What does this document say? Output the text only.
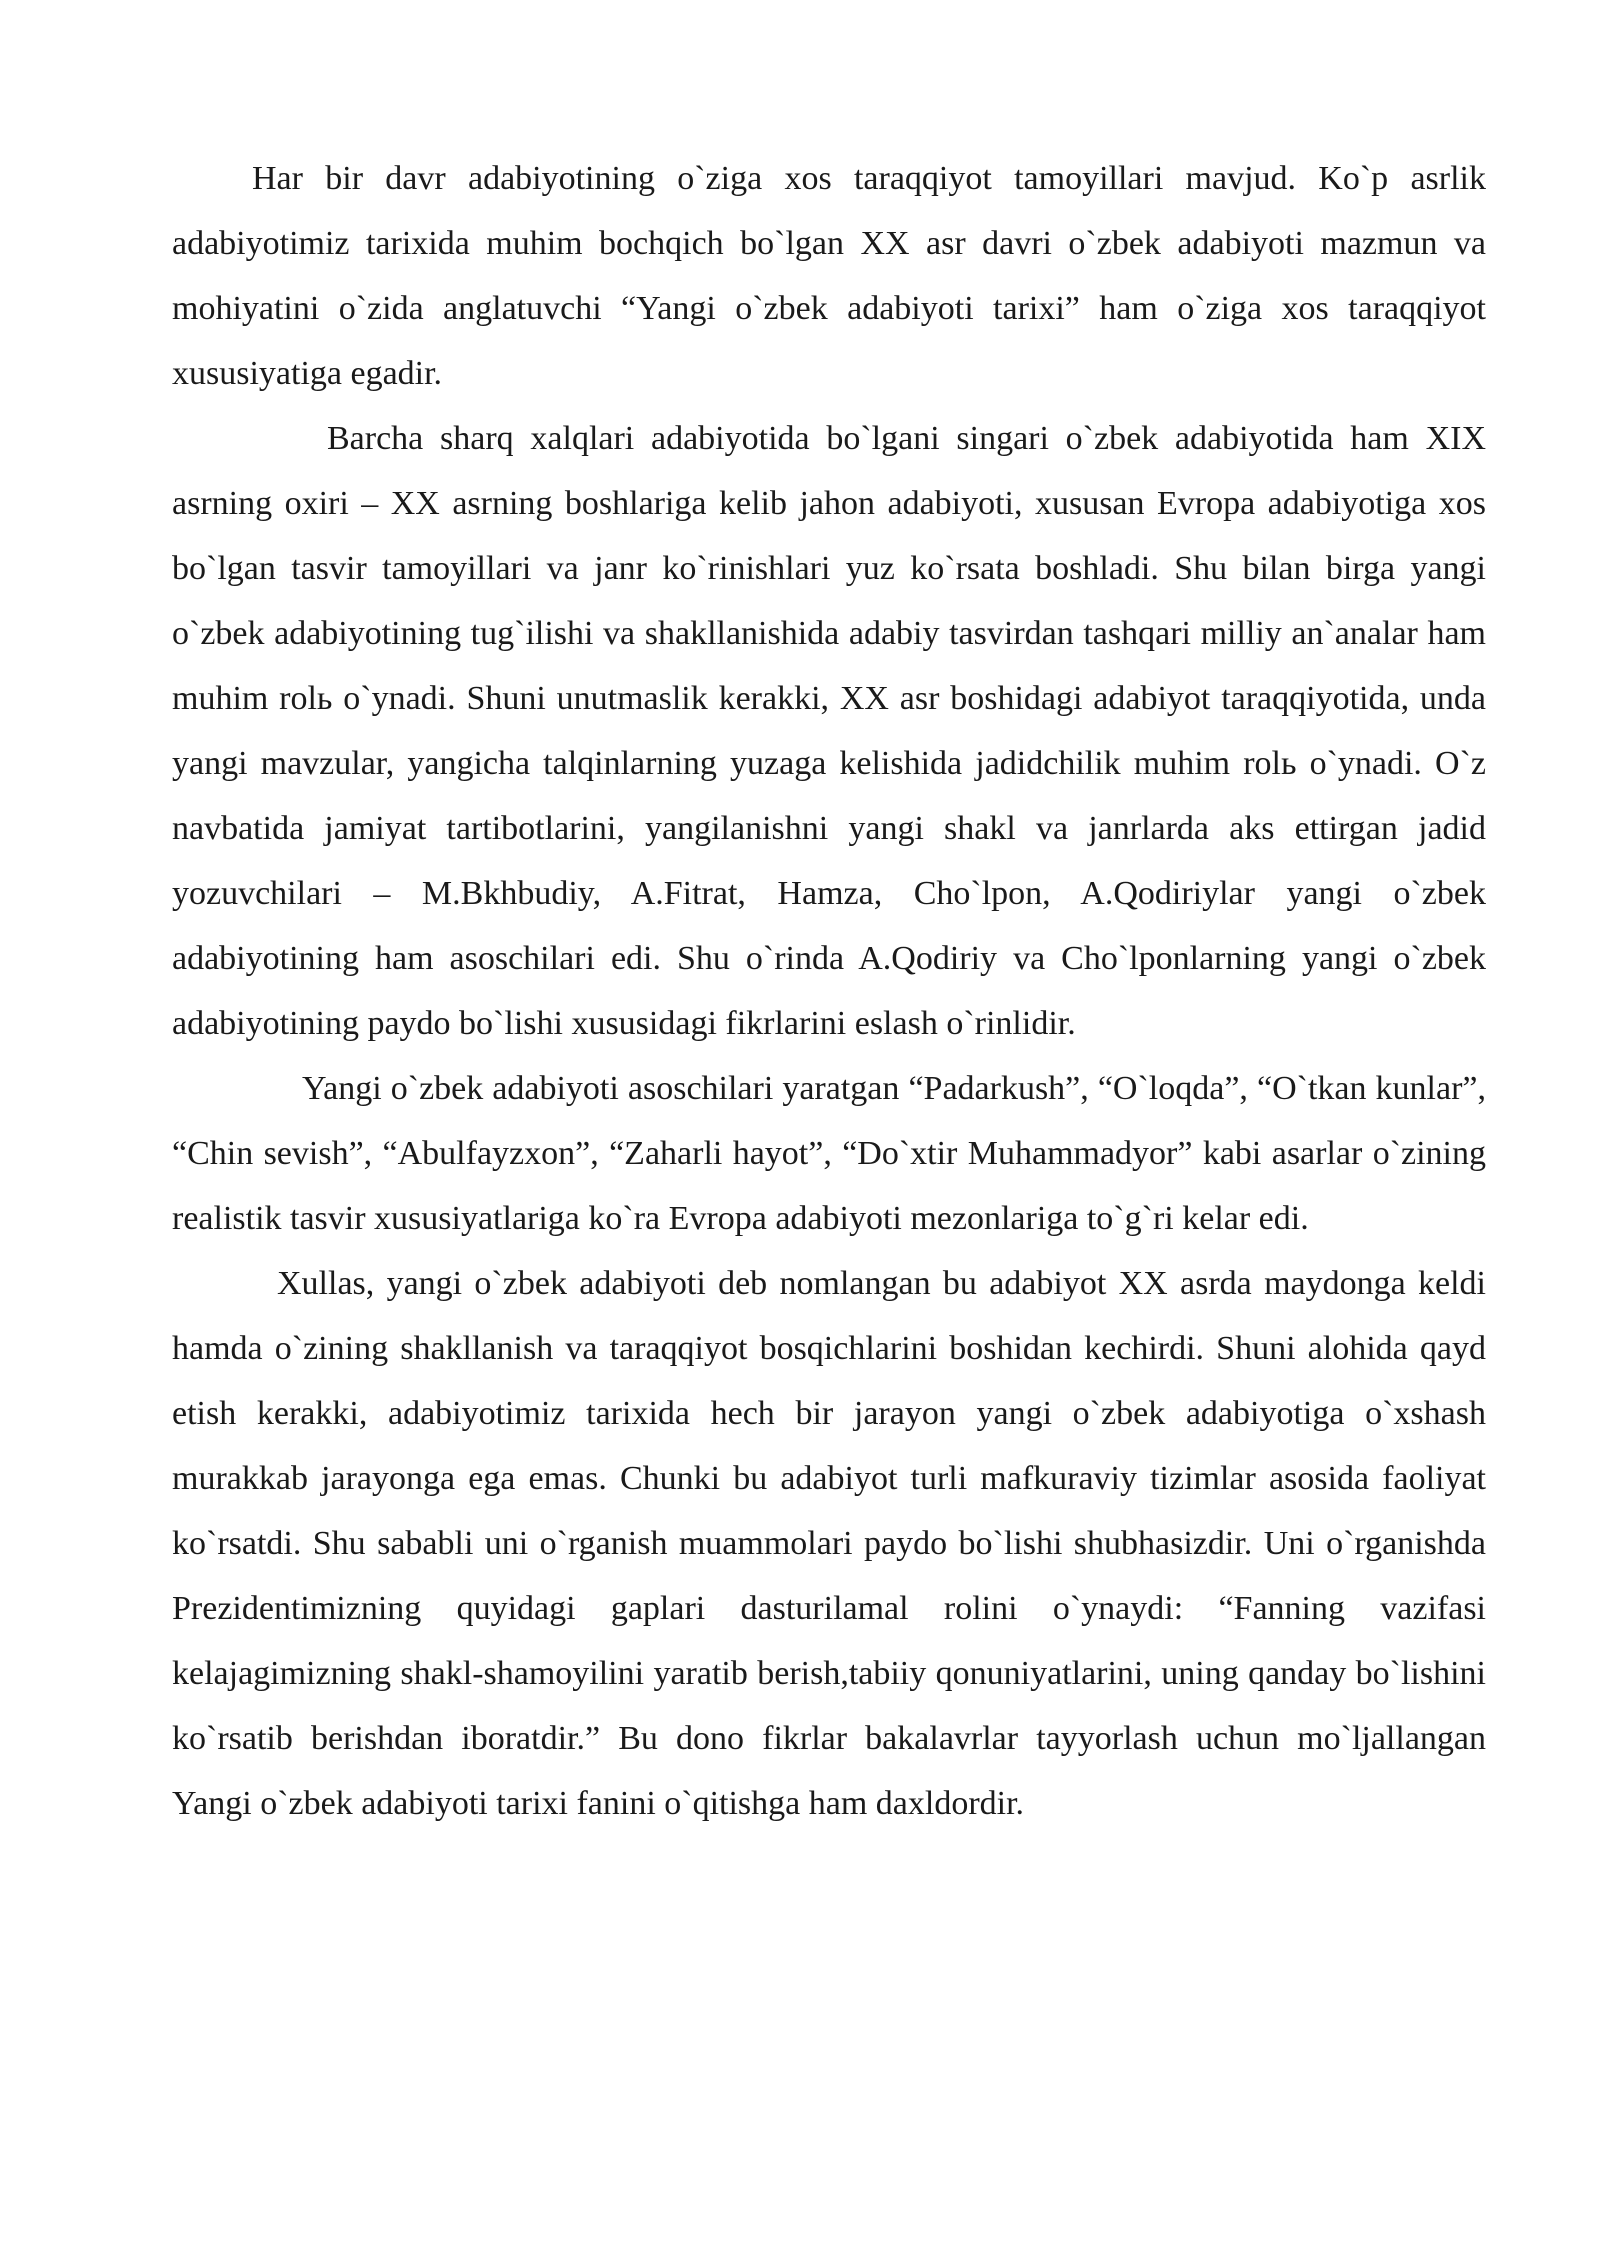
Har bir davr adabiyotining o`ziga xos taraqqiyot tamoyillari mavjud. Ko`p asrlik adabiyotimiz tarixida muhim bochqich bo`lgan XX asr davri o`zbek adabiyoti mazmun va mohiyatini o`zida anglatuvchi “Yangi o`zbek adabiyoti tarixi” ham o`ziga xos taraqqiyot xususiyatiga egadir.

Barcha sharq xalqlari adabiyotida bo`lgani singari o`zbek adabiyotida ham XIX asrning oxiri – XX asrning boshlariga kelib jahon adabiyoti, xususan Evropa adabiyotiga xos bo`lgan tasvir tamoyillari va janr ko`rinishlari yuz ko`rsata boshladi. Shu bilan birga yangi o`zbek adabiyotining tug`ilishi va shakllanishida adabiy tasvirdan tashqari milliy an`analar ham muhim rolь o`ynadi. Shuni unutmaslik kerakki, XX asr boshidagi adabiyot taraqqiyotida, unda yangi mavzular, yangicha talqinlarning yuzaga kelishida jadidchilik muhim rolь o`ynadi. O`z navbatida jamiyat tartibotlarini, yangilanishni yangi shakl va janrlarda aks ettirgan jadid yozuvchilari – M.Bkhbudiy, A.Fitrat, Hamza, Cho`lpon, A.Qodiriylar yangi o`zbek adabiyotining ham asoschilari edi. Shu o`rinda A.Qodiriy va Cho`lponlarning yangi o`zbek adabiyotining paydo bo`lishi xususidagi fikrlarini eslash o`rinlidir.

Yangi o`zbek adabiyoti asoschilari yaratgan “Padarkush”, “O`loqda”, “O`tkan kunlar”, “Chin sevish”, “Abulfayzxon”, “Zaharli hayot”, “Do`xtir Muhammadyor” kabi asarlar o`zining realistik tasvir xususiyatlariga ko`ra Evropa adabiyoti mezonlariga to`g`ri kelar edi.

Xullas, yangi o`zbek adabiyoti deb nomlangan bu adabiyot XX asrda maydonga keldi hamda o`zining shakllanish va taraqqiyot bosqichlarini boshidan kechirdi. Shuni alohida qayd etish kerakki, adabiyotimiz tarixida hech bir jarayon yangi o`zbek adabiyotiga o`xshash murakkab jarayonga ega emas. Chunki bu adabiyot turli mafkuraviy tizimlar asosida faoliyat ko`rsatdi. Shu sababli uni o`rganish muammolari paydo bo`lishi shubhasizdir. Uni o`rganishda Prezidentimizning quyidagi gaplari dasturilamal rolini o`ynaydi: “Fanning vazifasi kelajagimizning shakl-shamoyilini yaratib berish,tabiiy qonuniyatlarini, uning qanday bo`lishini ko`rsatib berishdan iboratdir.” Bu dono fikrlar bakalavrlar tayyorlash uchun mo`ljallangan Yangi o`zbek adabiyoti tarixi fanini o`qitishga ham daxldordir.
